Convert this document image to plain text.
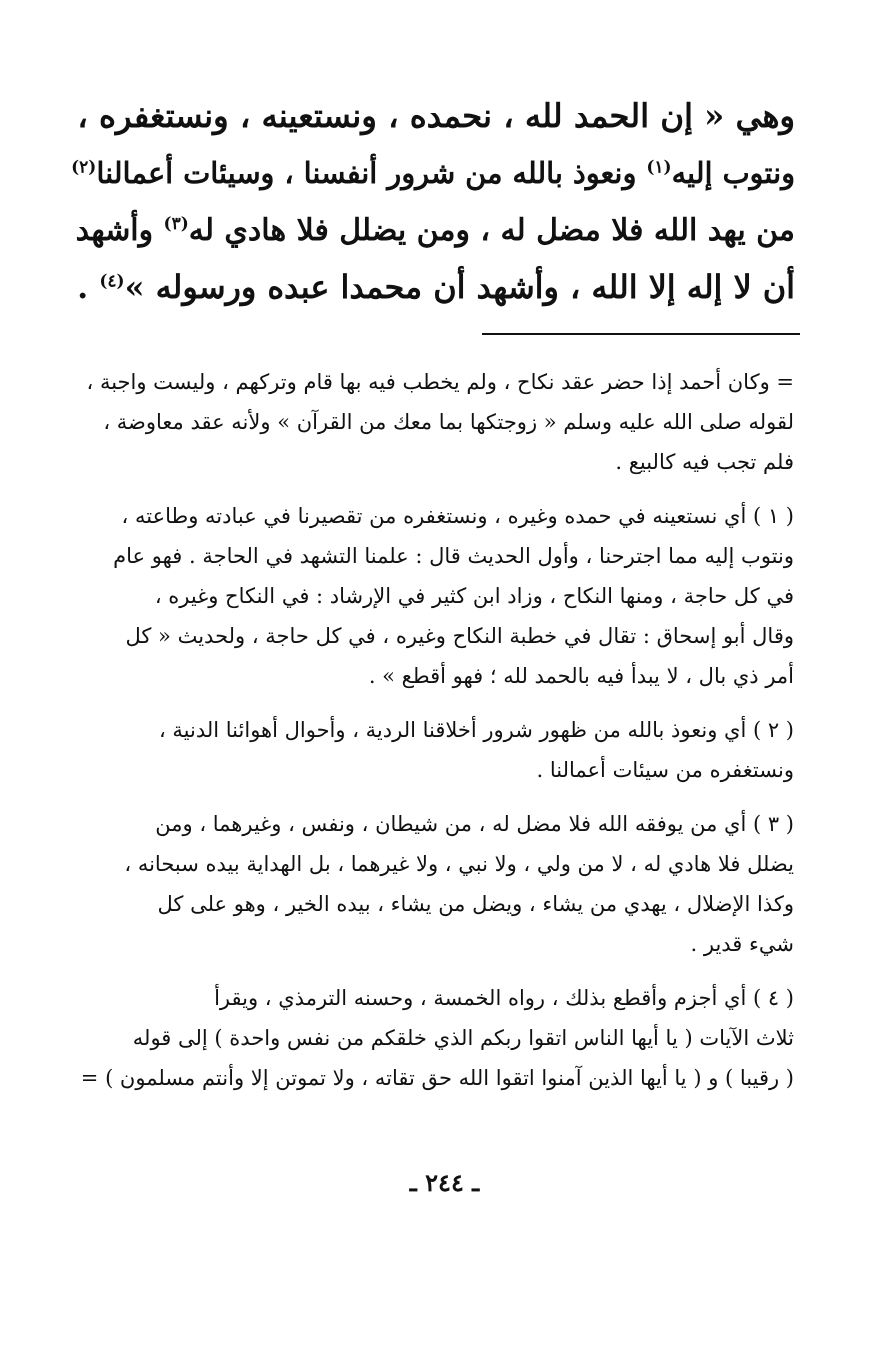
وهي « إن الحمد لله ، نحمده ، ونستعينه ، ونستغفره ،
ونتوب إليه$^{(١)}$ ونعوذ بالله من شرور أنفسنا ، وسيئات أعمالنا$^{(٢)}$
من يهد الله فلا مضل له ، ومن يضلل فلا هادي له$^{(٣)}$ وأشهد
أن لا إله إلا الله ، وأشهد أن محمدا عبده ورسوله »$^{(٤)}$ .
= وكان أحمد إذا حضر عقد نكاح ، ولم يخطب فيه بها قام وتركهم ، وليست واجبة ،
لقوله صلى الله عليه وسلم « زوجتكها بما معك من القرآن » ولأنه عقد معاوضة ،
فلم تجب فيه كالبيع .
( ١ ) أي نستعينه في حمده وغيره ، ونستغفره من تقصيرنا في عبادته وطاعته ،
ونتوب إليه مما اجترحنا ، وأول الحديث قال : علمنا التشهد في الحاجة . فهو عام
في كل حاجة ، ومنها النكاح ، وزاد ابن كثير في الإرشاد : في النكاح وغيره ،
وقال أبو إسحاق : تقال في خطبة النكاح وغيره ، في كل حاجة ، ولحديث « كل
أمر ذي بال ، لا يبدأ فيه بالحمد لله ؛ فهو أقطع » .
( ٢ ) أي ونعوذ بالله من ظهور شرور أخلاقنا الردية ، وأحوال أهوائنا الدنية ،
ونستغفره من سيئات أعمالنا .
( ٣ ) أي من يوفقه الله فلا مضل له ، من شيطان ، ونفس ، وغيرهما ، ومن
يضلل فلا هادي له ، لا من ولي ، ولا نبي ، ولا غيرهما ، بل الهداية بيده سبحانه ،
وكذا الإضلال ، يهدي من يشاء ، ويضل من يشاء ، بيده الخير ، وهو على كل
شيء قدير .
( ٤ ) أي أجزم وأقطع بذلك ، رواه الخمسة ، وحسنه الترمذي ، ويقرأ
ثلاث الآيات ( يا أيها الناس اتقوا ربكم الذي خلقكم من نفس واحدة ) إلى قوله
( رقيبا ) و ( يا أيها الذين آمنوا اتقوا الله حق تقاته ، ولا تموتن إلا وأنتم مسلمون ) =
ـ ٢٤٤ ـ
